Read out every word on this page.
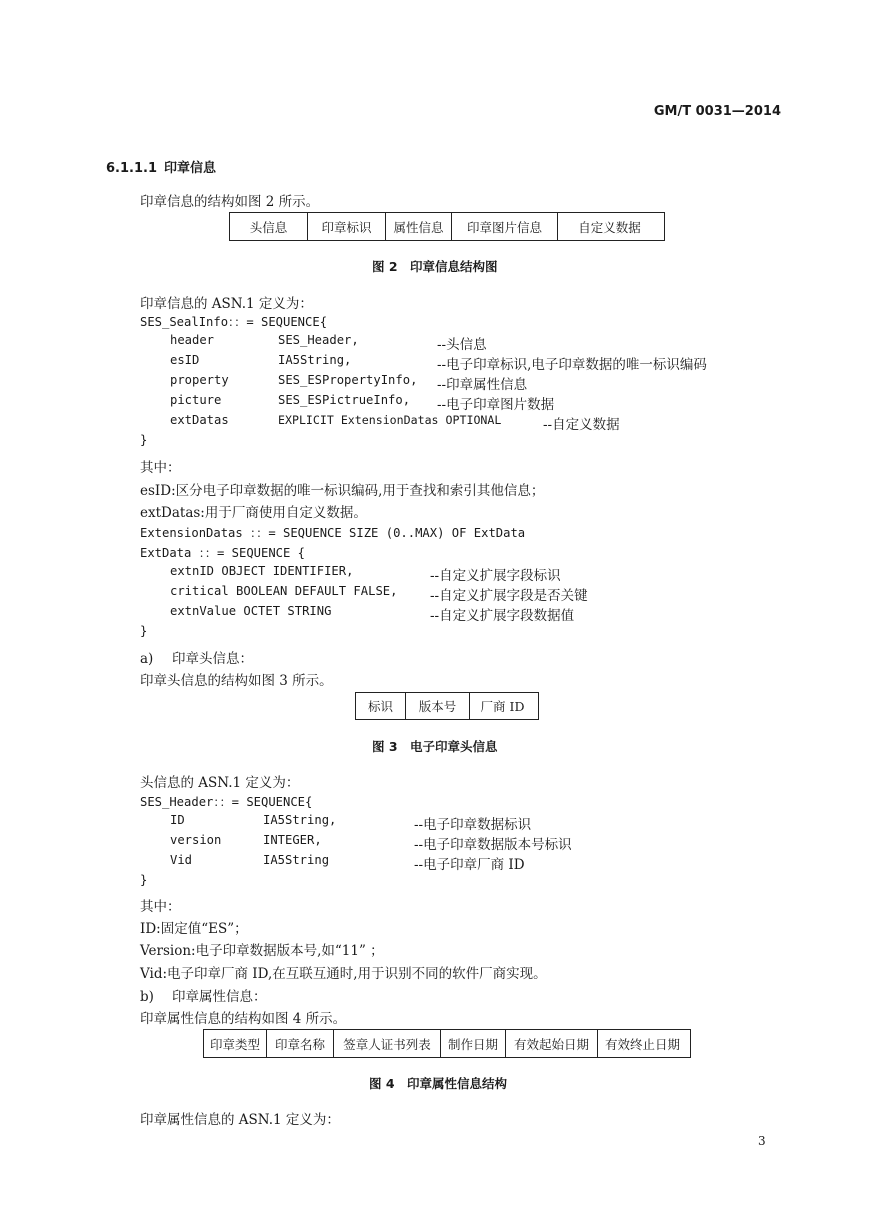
GM/T 0031—2014
6.1.1.1 印章信息
印章信息的结构如图 2 所示。
头信息	印章标识	属性信息	印章图片信息	自定义数据
图 2　印章信息结构图
印章信息的 ASN.1 定义为：
SES_SealInfo：：= SEQUENCE{
header	SES_Header,	--头信息
esID	IA5String,	--电子印章标识,电子印章数据的唯一标识编码
property	SES_ESPropertyInfo, --印章属性信息
picture	SES_ESPictrueInfo, --电子印章图片数据
extDatas	EXPLICIT ExtensionDatas OPTIONAL	--自定义数据
}
其中：
esID:区分电子印章数据的唯一标识编码,用于查找和索引其他信息；
extDatas:用于厂商使用自定义数据。
ExtensionDatas ：：= SEQUENCE SIZE (0..MAX) OF ExtData
ExtData ：：= SEQUENCE {
extnID OBJECT IDENTIFIER,	--自定义扩展字段标识
critical BOOLEAN DEFAULT FALSE, --自定义扩展字段是否关键
extnValue OCTET STRING	--自定义扩展字段数据值
}
a) 印章头信息：
印章头信息的结构如图 3 所示。
标识	版本号	厂商 ID
图 3　电子印章头信息
头信息的 ASN.1 定义为：
SES_Header：：= SEQUENCE{
ID	IA5String,	--电子印章数据标识
version	INTEGER,	--电子印章数据版本号标识
Vid	IA5String	--电子印章厂商 ID
}
其中：
ID:固定值“ES”；
Version:电子印章数据版本号,如“11” ；
Vid:电子印章厂商 ID,在互联互通时,用于识别不同的软件厂商实现。
b) 印章属性信息：
印章属性信息的结构如图 4 所示。
印章类型	印章名称	签章人证书列表	制作日期	有效起始日期	有效终止日期
图 4　印章属性信息结构
印章属性信息的 ASN.1 定义为：
3
